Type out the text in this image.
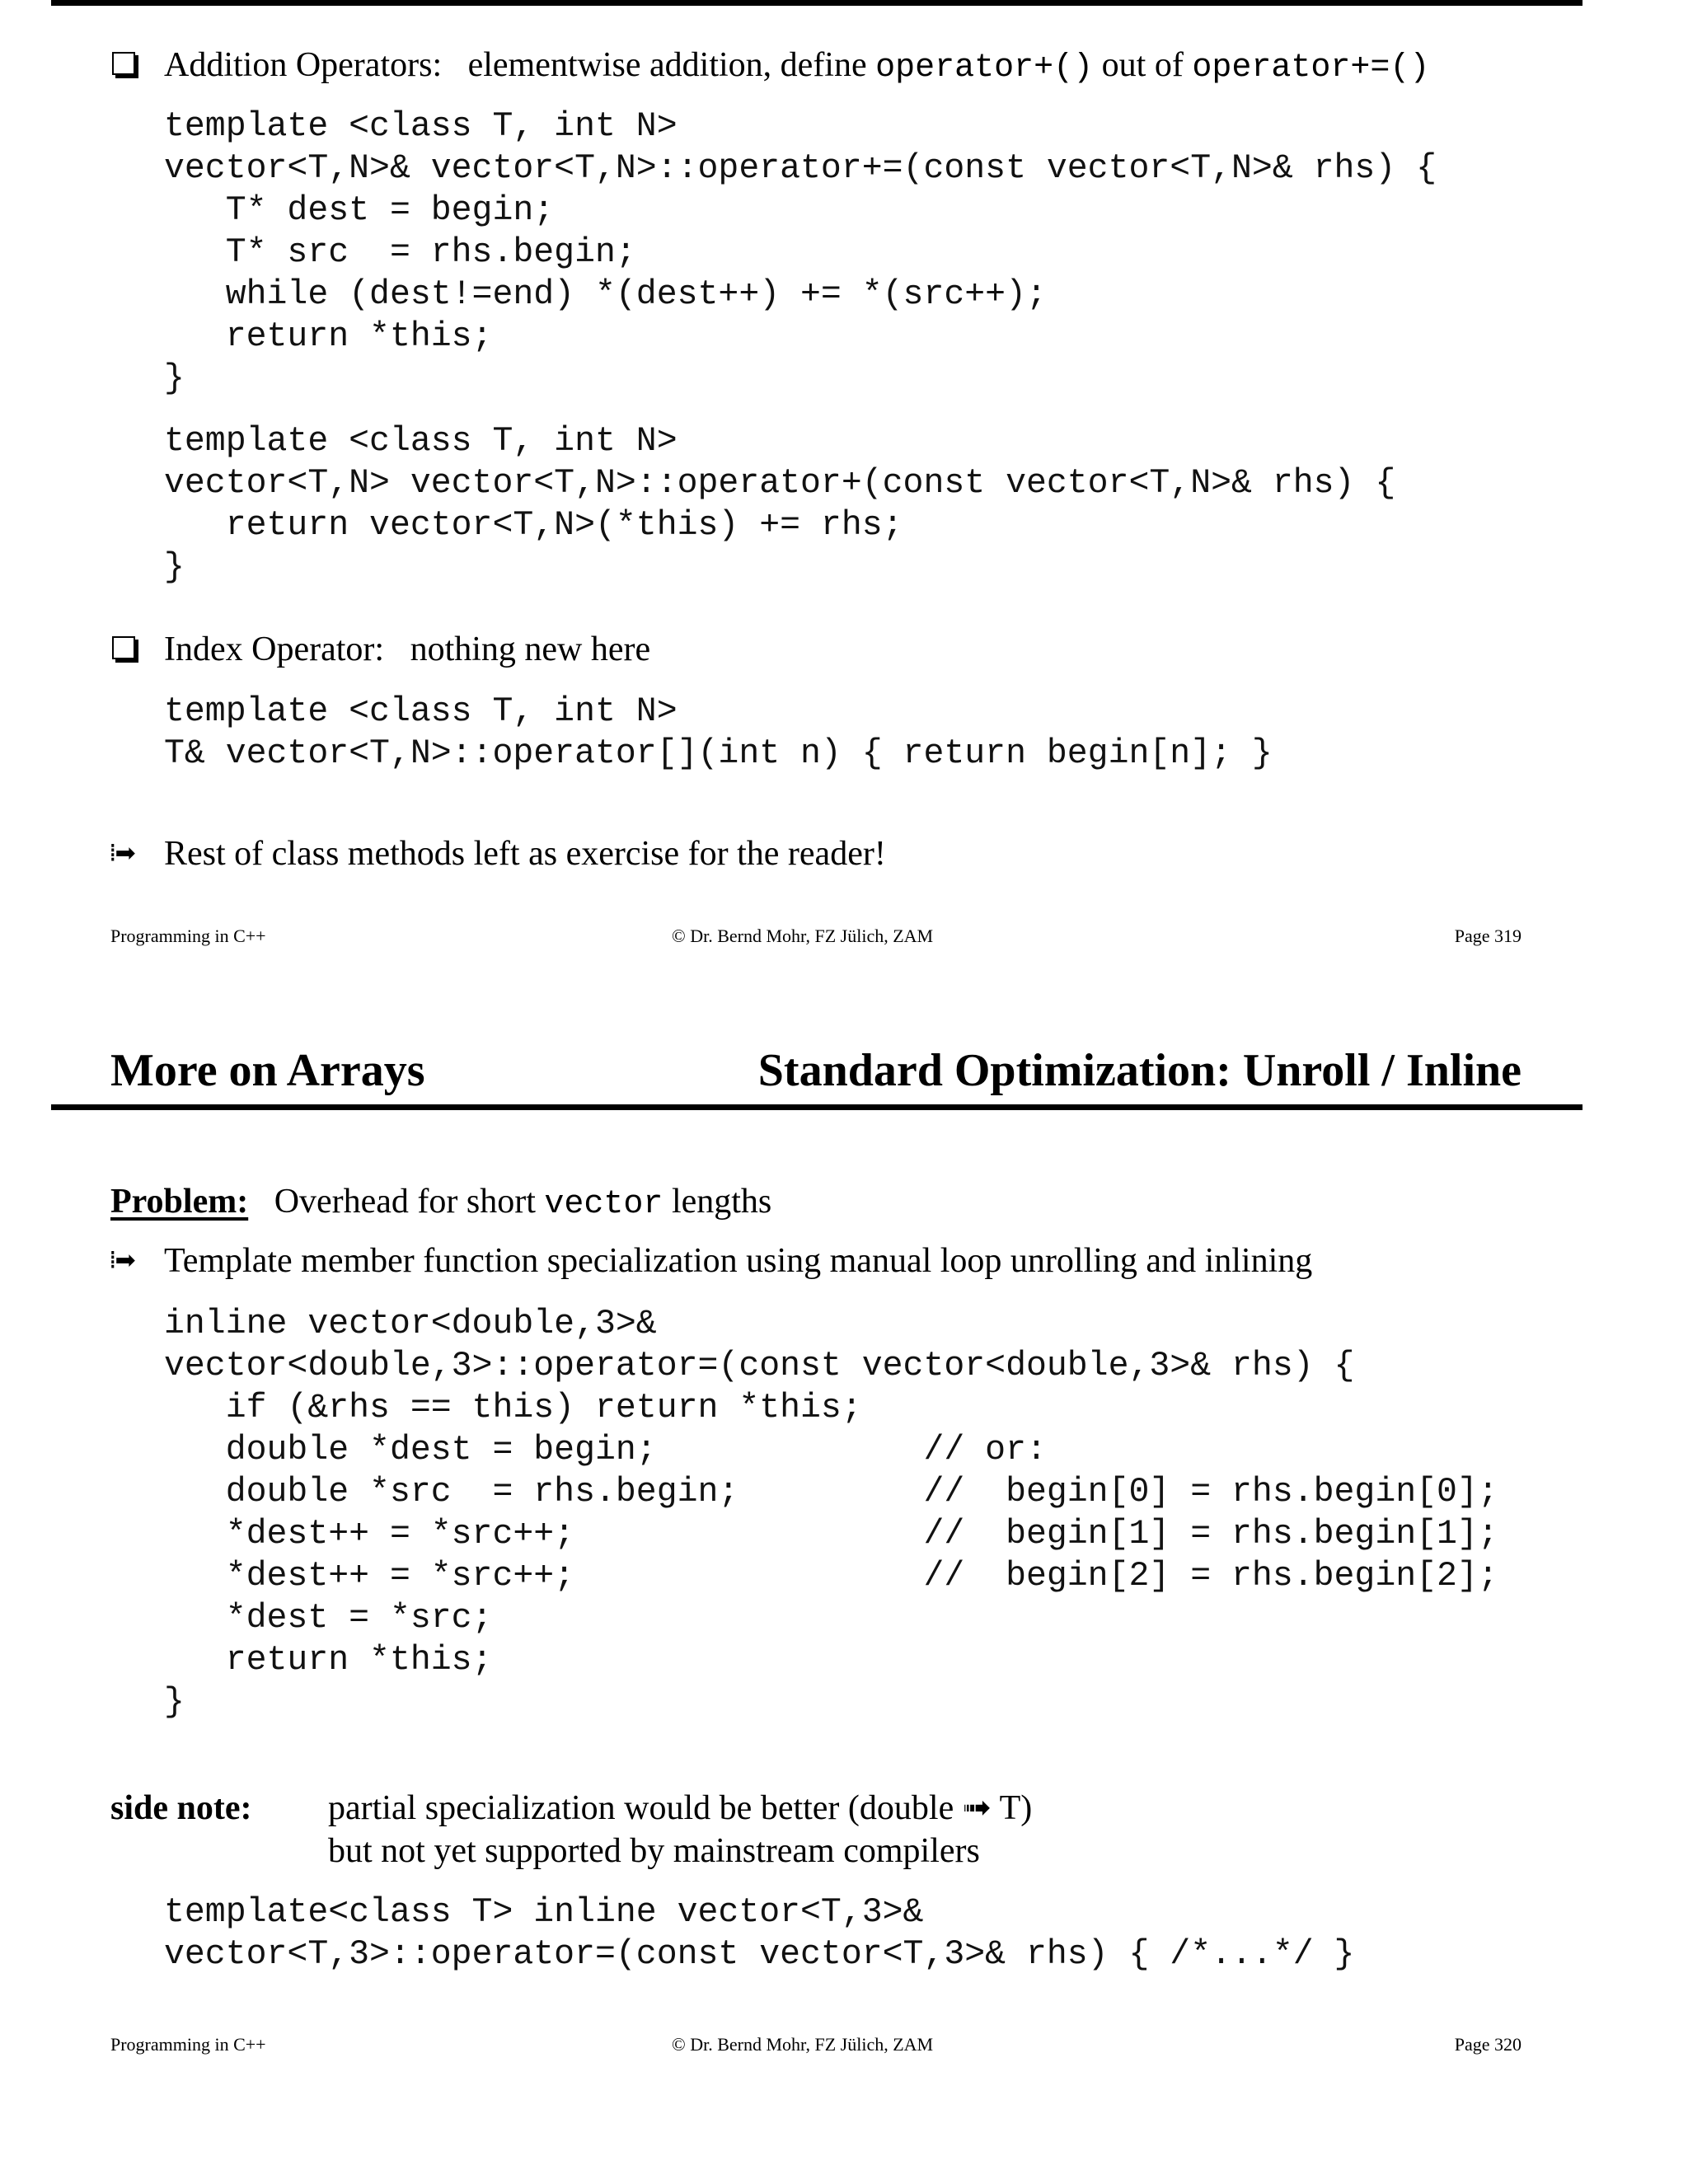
Addition Operators: elementwise addition, define operator+() out of operator+=()
template <class T, int N>
vector<T,N>& vector<T,N>::operator+=(const vector<T,N>& rhs) {
T* dest = begin;
T* src  = rhs.begin;
while (dest!=end) *(dest++) += *(src++);
return *this;
}
template <class T, int N>
vector<T,N> vector<T,N>::operator+(const vector<T,N>& rhs) {
return vector<T,N>(*this) += rhs;
}
Index Operator: nothing new here
template <class T, int N>
T& vector<T,N>::operator[](int n) { return begin[n]; }
⁞➡ Rest of class methods left as exercise for the reader!
Programming in C++	© Dr. Bernd Mohr, FZ Jülich, ZAM	Page 319
More on Arrays	Standard Optimization: Unroll / Inline
Problem: Overhead for short vector lengths
⁞➡ Template member function specialization using manual loop unrolling and inlining
inline vector<double,3>&
vector<double,3>::operator=(const vector<double,3>& rhs) {
if (&rhs == this) return *this;
double *dest = begin;             // or:
double *src  = rhs.begin;         //  begin[0] = rhs.begin[0];
*dest++ = *src++;                 //  begin[1] = rhs.begin[1];
*dest++ = *src++;                 //  begin[2] = rhs.begin[2];
*dest = *src;
return *this;
}
side note: partial specialization would be better (double ➟ T)
but not yet supported by mainstream compilers
template<class T> inline vector<T,3>&
vector<T,3>::operator=(const vector<T,3>& rhs) { /*...*/ }
Programming in C++	© Dr. Bernd Mohr, FZ Jülich, ZAM	Page 320
